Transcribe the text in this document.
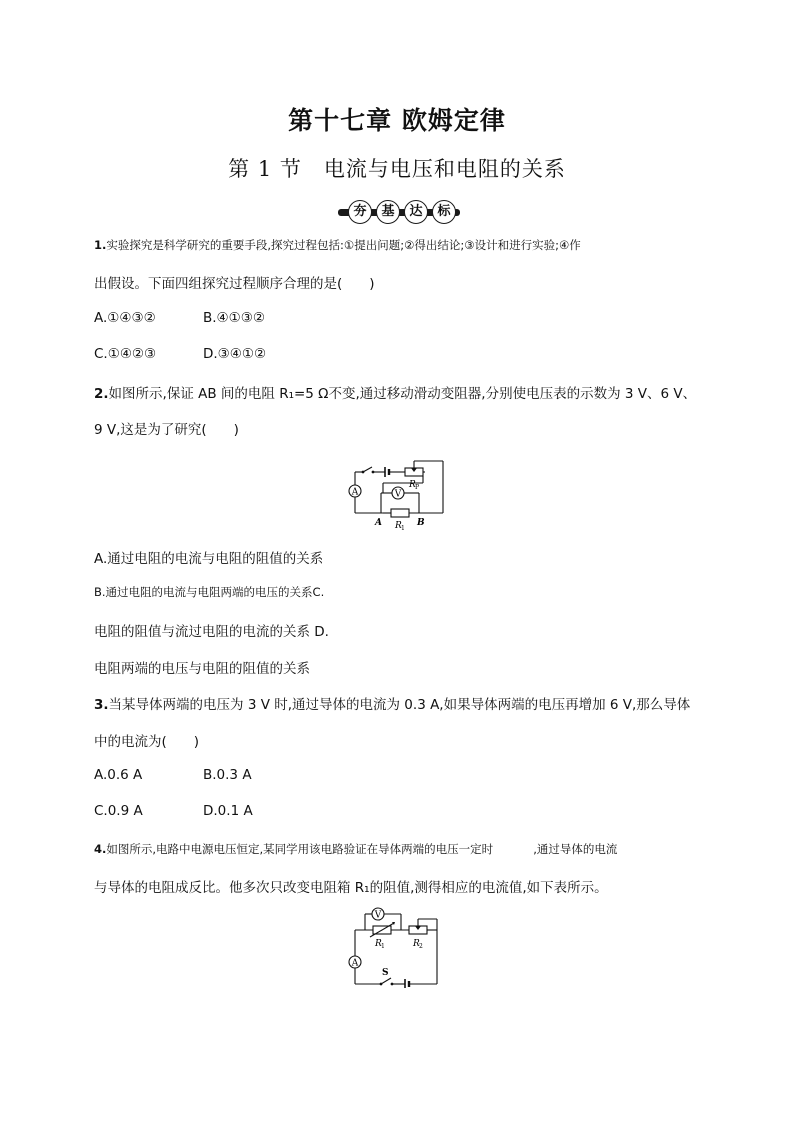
第十七章 欧姆定律
第 1 节　电流与电压和电阻的关系
夯	基	达	标
1.实验探究是科学研究的重要手段,探究过程包括:①提出问题;②得出结论;③设计和进行实验;④作
出假设。下面四组探究过程顺序合理的是(　　)
A.①④③②	B.④①③②
C.①④②③	D.③④①②
2.如图所示,保证 AB 间的电阻 R₁=5 Ω不变,通过移动滑动变阻器,分别使电压表的示数为 3 V、6 V、
9 V,这是为了研究(　　)
A	V
R P
R 1
A	B
A.通过电阻的电流与电阻的阻值的关系
B.通过电阻的电流与电阻两端的电压的关系C.
电阻的阻值与流过电阻的电流的关系 D.
电阻两端的电压与电阻的阻值的关系
3.当某导体两端的电压为 3 V 时,通过导体的电流为 0.3 A,如果导体两端的电压再增加 6 V,那么导体
中的电流为(　　)
A.0.6 A	B.0.3 A
C.0.9 A	D.0.1 A
4.如图所示,电路中电源电压恒定,某同学用该电路验证在导体两端的电压一定时	,通过导体的电流
与导体的电阻成反比。他多次只改变电阻箱 R₁的阻值,测得相应的电流值,如下表所示。
V
A
R 1	R 2
S
